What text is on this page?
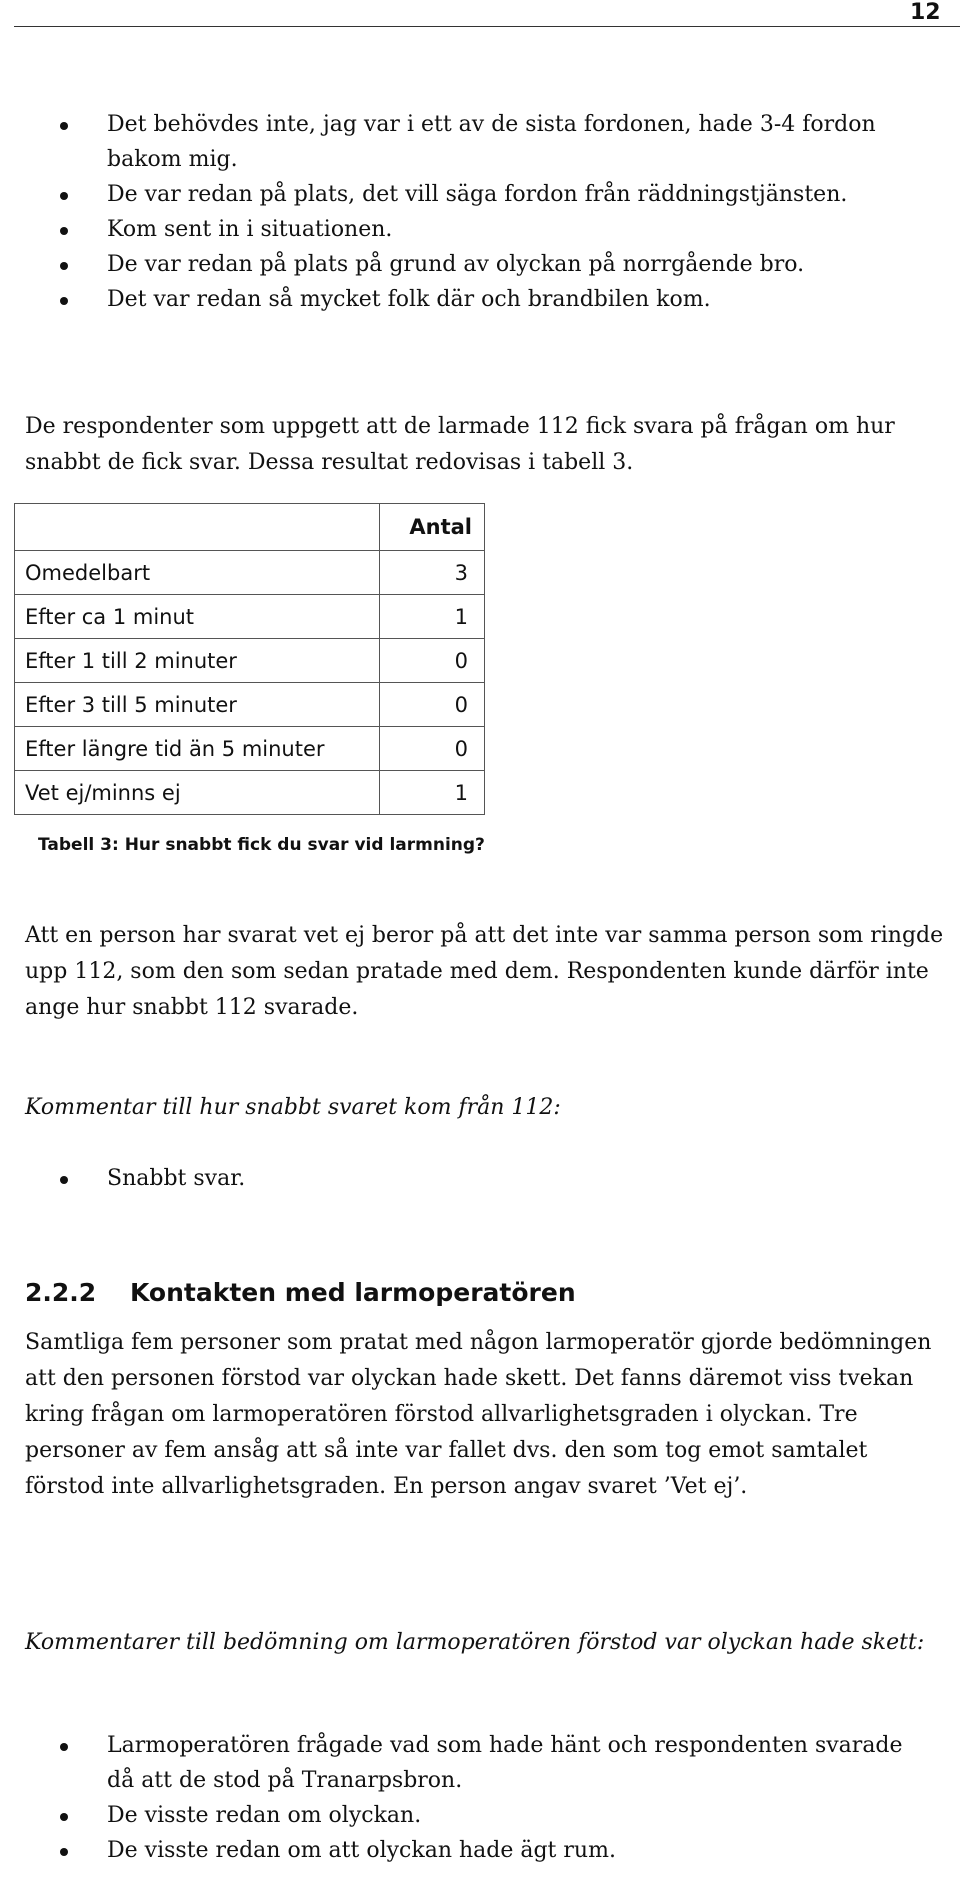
12
Det behövdes inte, jag var i ett av de sista fordonen, hade 3-4 fordon bakom mig.
De var redan på plats, det vill säga fordon från räddningstjänsten.
Kom sent in i situationen.
De var redan på plats på grund av olyckan på norrgående bro.
Det var redan så mycket folk där och brandbilen kom.

De respondenter som uppgett att de larmade 112 fick svara på frågan om hur snabbt de fick svar. Dessa resultat redovisas i tabell 3.

	Antal
Omedelbart	3
Efter ca 1 minut	1
Efter 1 till 2 minuter	0
Efter 3 till 5 minuter	0
Efter längre tid än 5 minuter	0
Vet ej/minns ej	1
Tabell 3: Hur snabbt fick du svar vid larmning?

Att en person har svarat vet ej beror på att det inte var samma person som ringde upp 112, som den som sedan pratade med dem. Respondenten kunde därför inte ange hur snabbt 112 svarade.

Kommentar till hur snabbt svaret kom från 112:

Snabbt svar.
2.2.2 Kontakten med larmoperatören

Samtliga fem personer som pratat med någon larmoperatör gjorde bedömningen att den personen förstod var olyckan hade skett. Det fanns däremot viss tvekan kring frågan om larmoperatören förstod allvarlighetsgraden i olyckan. Tre personer av fem ansåg att så inte var fallet dvs. den som tog emot samtalet förstod inte allvarlighetsgraden. En person angav svaret ’Vet ej’.

Kommentarer till bedömning om larmoperatören förstod var olyckan hade skett:

Larmoperatören frågade vad som hade hänt och respondenten svarade då att de stod på Tranarpsbron.
De visste redan om olyckan.
De visste redan om att olyckan hade ägt rum.
